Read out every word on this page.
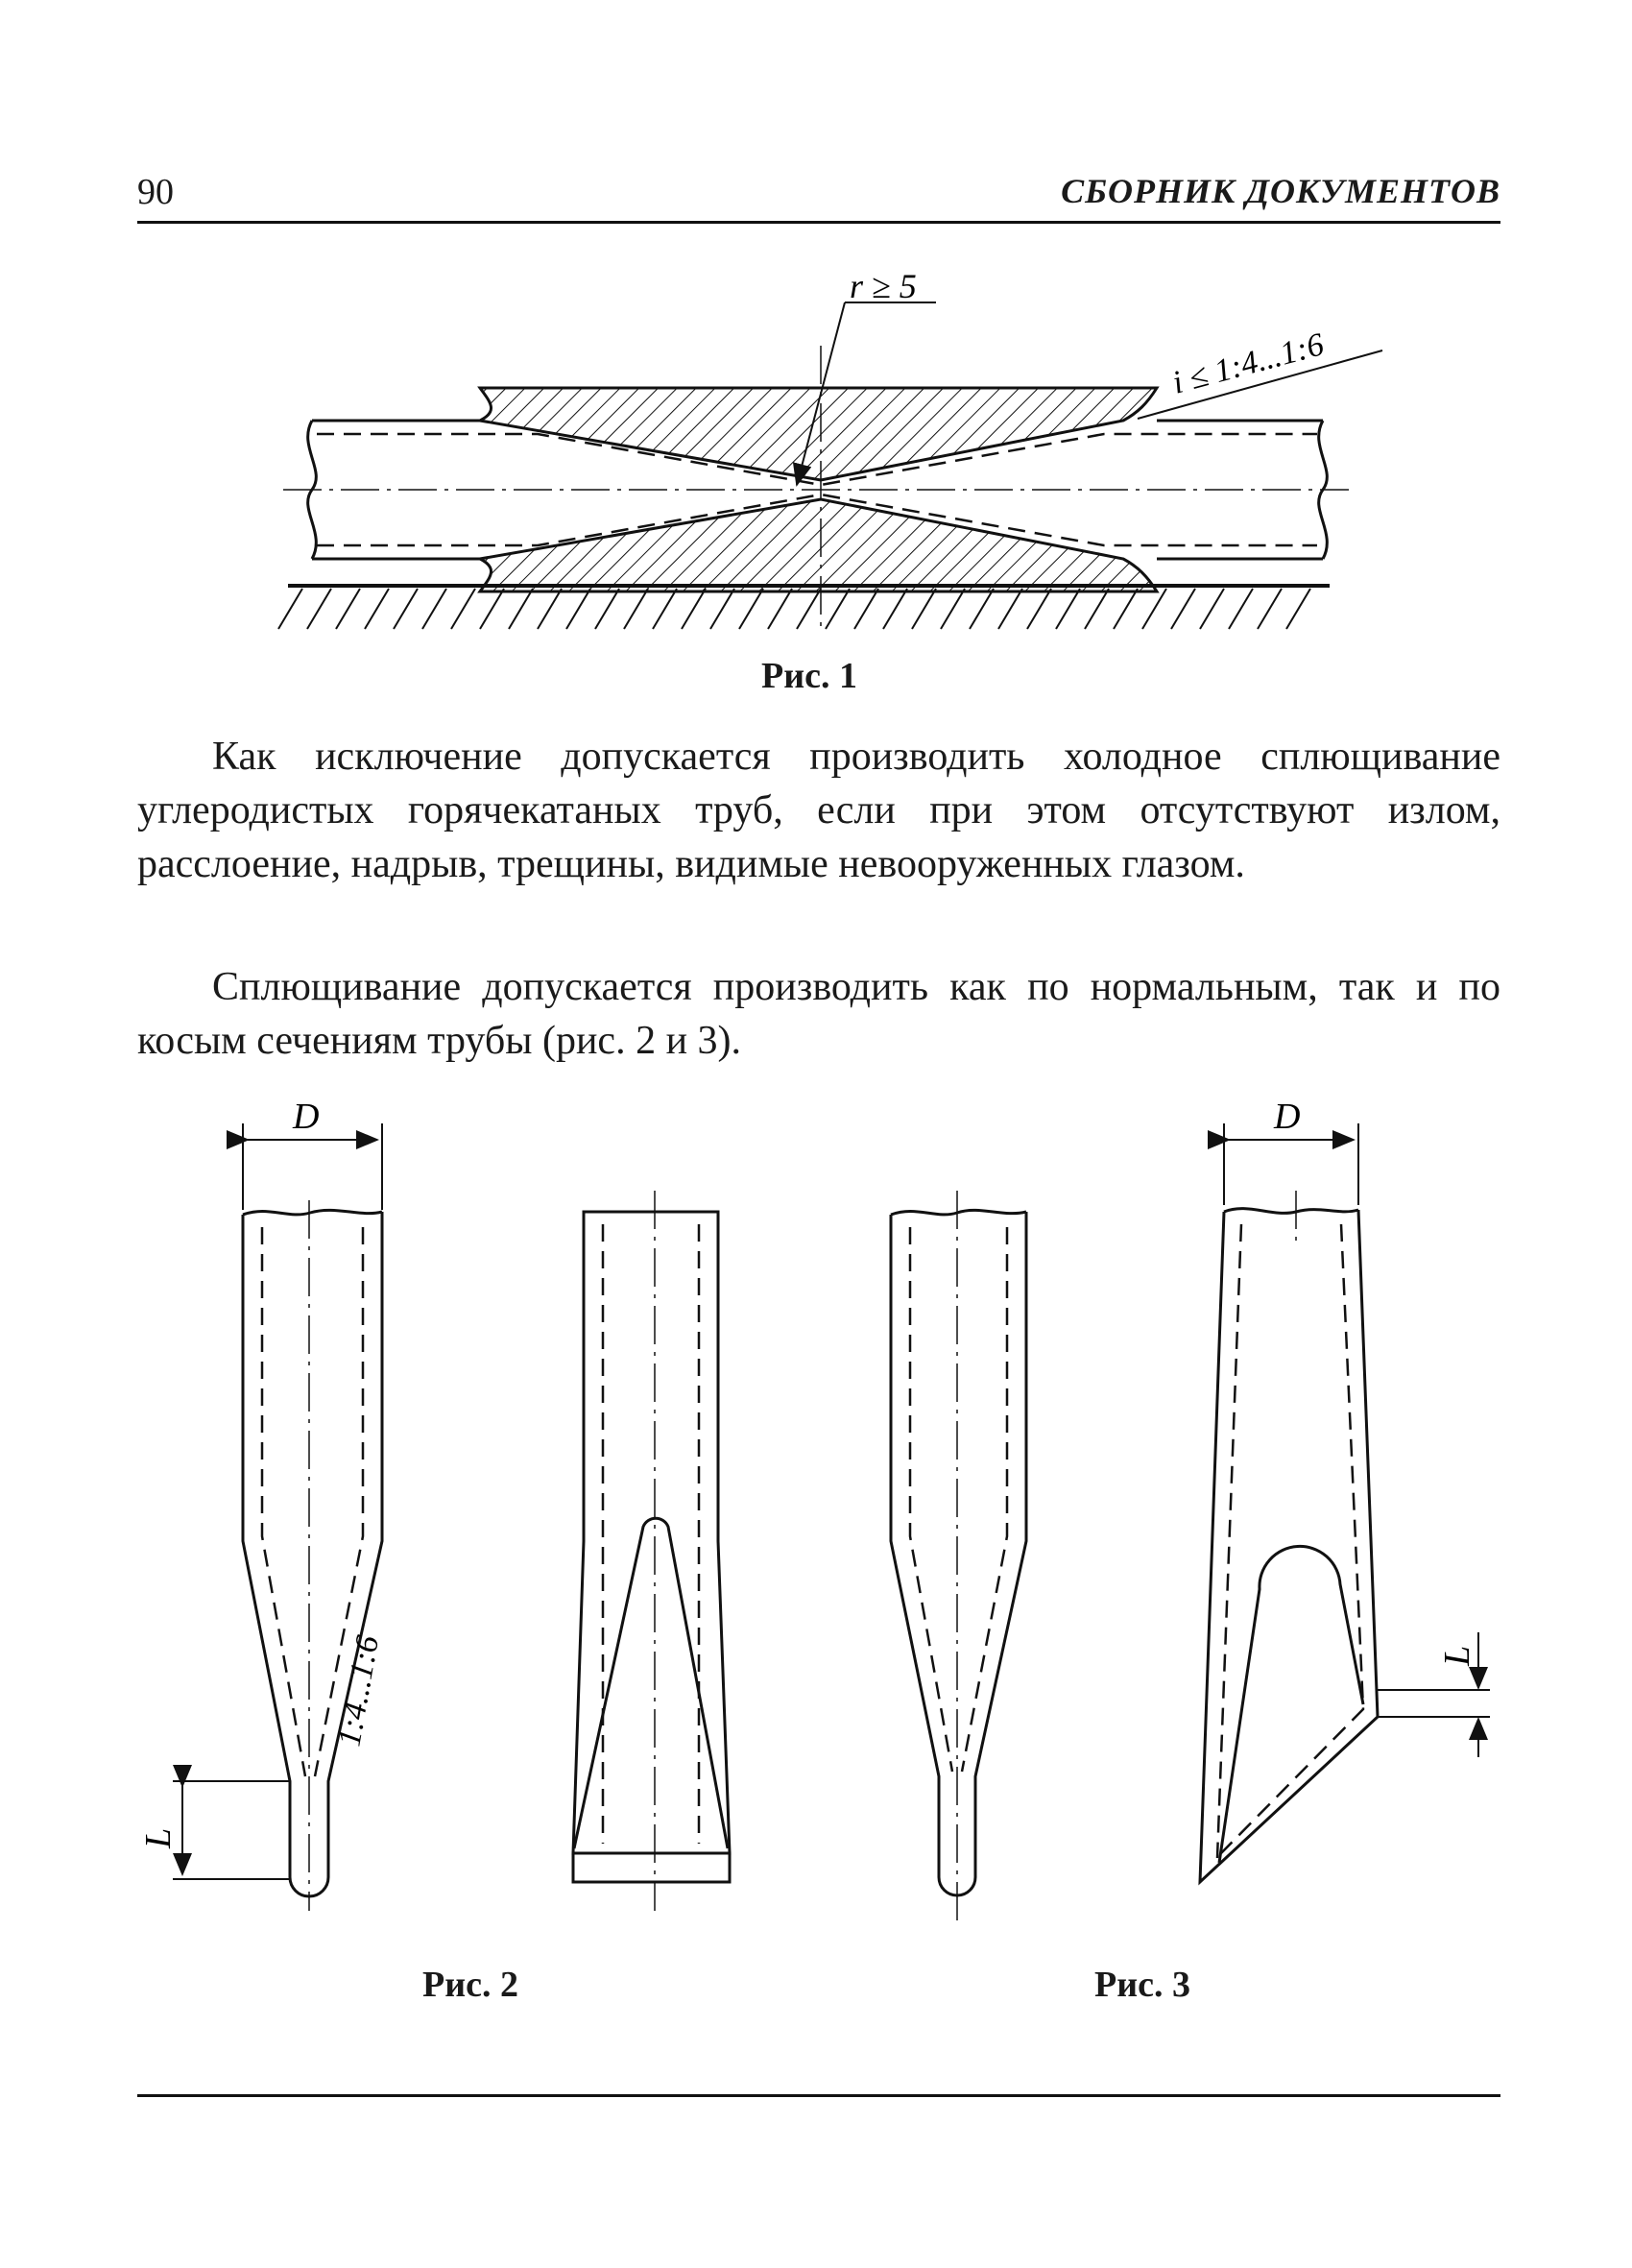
90	СБОРНИК ДОКУМЕНТОВ
r ≥ 5
i ≤ 1:4...1:6
D
L
1:4...1:6
D
L
Рис. 1

Как исключение допускается производить холодное сплющивание углеродистых горячекатаных труб, если при этом отсутствуют излом, расслоение, надрыв, трещины, видимые невооруженных глазом.

Сплющивание допускается производить как по нормальным, так и по косым сечениям трубы (рис. 2 и 3).

Рис. 2	Рис. 3
